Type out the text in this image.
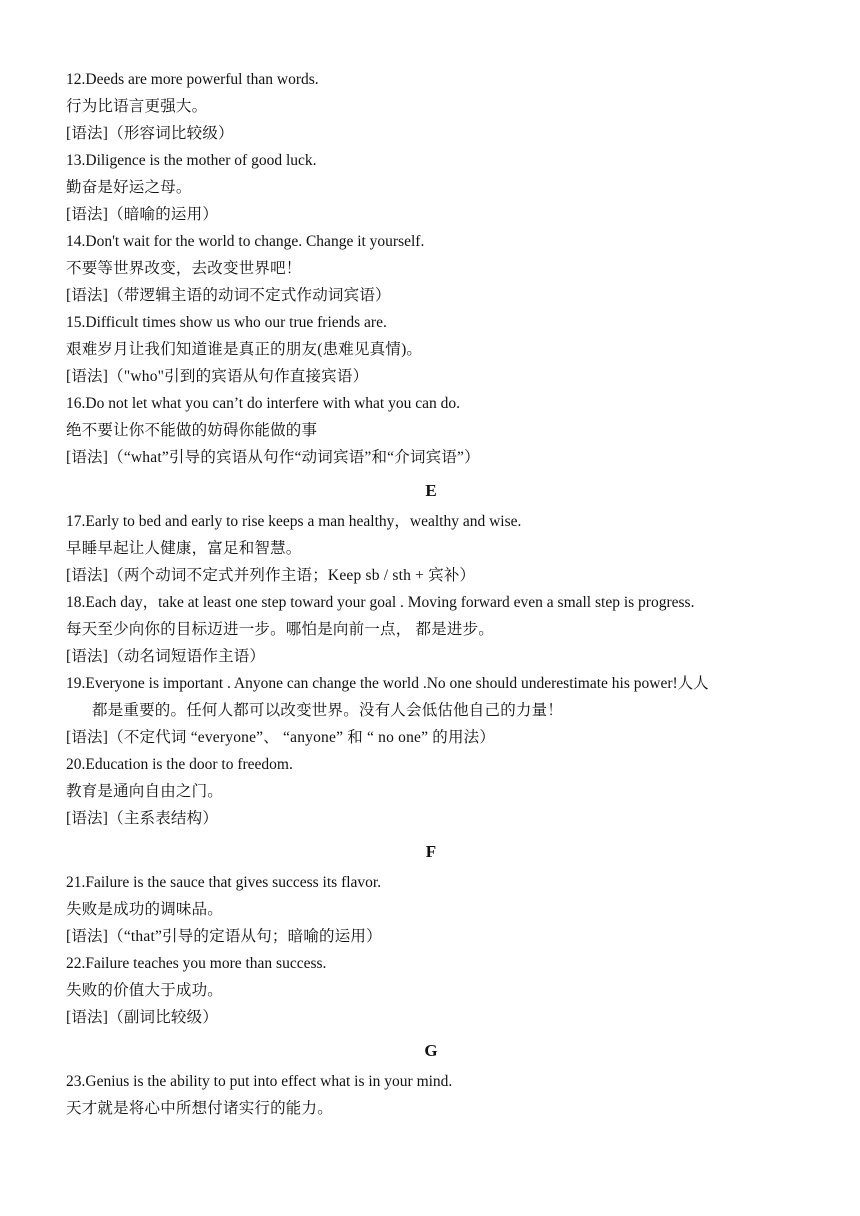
12.Deeds are more powerful than words.
行为比语言更强大。
[语法]（形容词比较级）
13.Diligence is the mother of good luck.
勤奋是好运之母。
[语法]（暗喻的运用）
14.Don't wait for the world to change. Change it yourself.
不要等世界改变，去改变世界吧！
[语法]（带逻辑主语的动词不定式作动词宾语）
15.Difficult times show us who our true friends are.
艰难岁月让我们知道谁是真正的朋友(患难见真情)。
[语法]（"who"引到的宾语从句作直接宾语）
16.Do not let what you can’t do interfere with what you can do.
绝不要让你不能做的妨碍你能做的事
[语法]（“what”引导的宾语从句作“动词宾语”和“介词宾语”）
E
17.Early to bed and early to rise keeps a man healthy，wealthy and wise.
早睡早起让人健康，富足和智慧。
[语法]（两个动词不定式并列作主语；Keep sb / sth + 宾补）
18.Each day，take at least one step toward your goal . Moving forward even a small step is progress.
每天至少向你的目标迈进一步。哪怕是向前一点， 都是进步。
[语法]（动名词短语作主语）
19.Everyone is important . Anyone can change the world .No one should underestimate his power!人人
都是重要的。任何人都可以改变世界。没有人会低估他自己的力量！
[语法]（不定代词 “everyone”、 “anyone” 和 “ no one” 的用法）
20.Education is the door to freedom.
教育是通向自由之门。
[语法]（主系表结构）
F
21.Failure is the sauce that gives success its flavor.
失败是成功的调味品。
[语法]（“that”引导的定语从句；暗喻的运用）
22.Failure teaches you more than success.
失败的价值大于成功。
[语法]（副词比较级）
G
23.Genius is the ability to put into effect what is in your mind.
天才就是将心中所想付诸实行的能力。
